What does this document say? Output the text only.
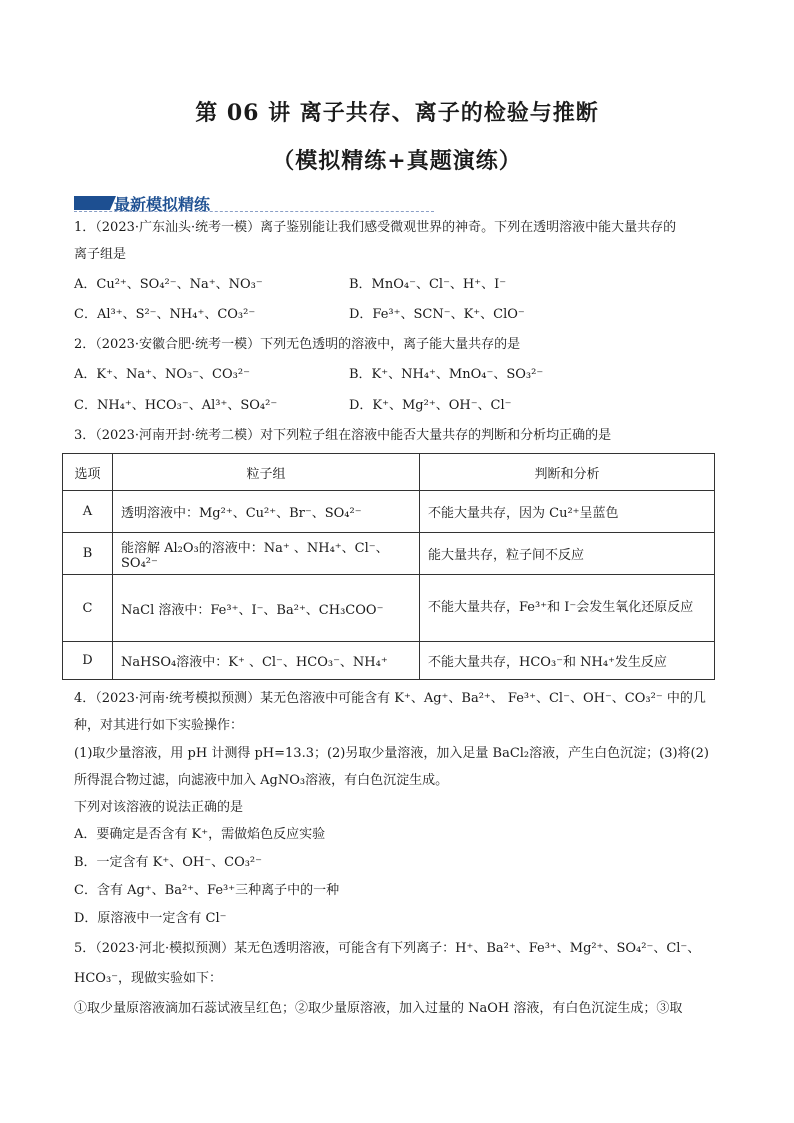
第 06 讲 离子共存、离子的检验与推断
（模拟精练+真题演练）
最新模拟精练
1．（2023·广东汕头·统考一模）离子鉴别能让我们感受微观世界的神奇。下列在透明溶液中能大量共存的
离子组是
A．Cu²⁺、SO₄²⁻、Na⁺、NO₃⁻	B．MnO₄⁻、Cl⁻、H⁺、I⁻
C．Al³⁺、S²⁻、NH₄⁺、CO₃²⁻	D．Fe³⁺、SCN⁻、K⁺、ClO⁻
2．（2023·安徽合肥·统考一模）下列无色透明的溶液中，离子能大量共存的是
A．K⁺、Na⁺、NO₃⁻、CO₃²⁻	B．K⁺、NH₄⁺、MnO₄⁻、SO₃²⁻
C．NH₄⁺、HCO₃⁻、Al³⁺、SO₄²⁻	D．K⁺、Mg²⁺、OH⁻、Cl⁻
3．（2023·河南开封·统考二模）对下列粒子组在溶液中能否大量共存的判断和分析均正确的是
选项	粒子组	判断和分析
A	透明溶液中：Mg²⁺、Cu²⁺、Br⁻、SO₄²⁻	不能大量共存，因为 Cu²⁺呈蓝色
B	能溶解 Al₂O₃的溶液中：Na⁺ 、NH₄⁺、Cl⁻、SO₄²⁻	能大量共存，粒子间不反应
C	NaCl 溶液中：Fe³⁺、I⁻、Ba²⁺、CH₃COO⁻	不能大量共存，Fe³⁺和 I⁻会发生氧化还原反应
D	NaHSO₄溶液中：K⁺ 、Cl⁻、HCO₃⁻、NH₄⁺	不能大量共存，HCO₃⁻和 NH₄⁺发生反应
4．（2023·河南·统考模拟预测）某无色溶液中可能含有 K⁺、Ag⁺、Ba²⁺、 Fe³⁺、Cl⁻、OH⁻、CO₃²⁻ 中的几
种，对其进行如下实验操作：
(1)取少量溶液，用 pH 计测得 pH=13.3；(2)另取少量溶液，加入足量 BaCl₂溶液，产生白色沉淀；(3)将(2)
所得混合物过滤，向滤液中加入 AgNO₃溶液，有白色沉淀生成。
下列对该溶液的说法正确的是
A．要确定是否含有 K⁺，需做焰色反应实验
B．一定含有 K⁺、OH⁻、CO₃²⁻
C．含有 Ag⁺、Ba²⁺、Fe³⁺三种离子中的一种
D．原溶液中一定含有 Cl⁻
5．（2023·河北·模拟预测）某无色透明溶液，可能含有下列离子：H⁺、Ba²⁺、Fe³⁺、Mg²⁺、SO₄²⁻、Cl⁻、
HCO₃⁻，现做实验如下：
①取少量原溶液滴加石蕊试液呈红色；②取少量原溶液，加入过量的 NaOH 溶液，有白色沉淀生成；③取
